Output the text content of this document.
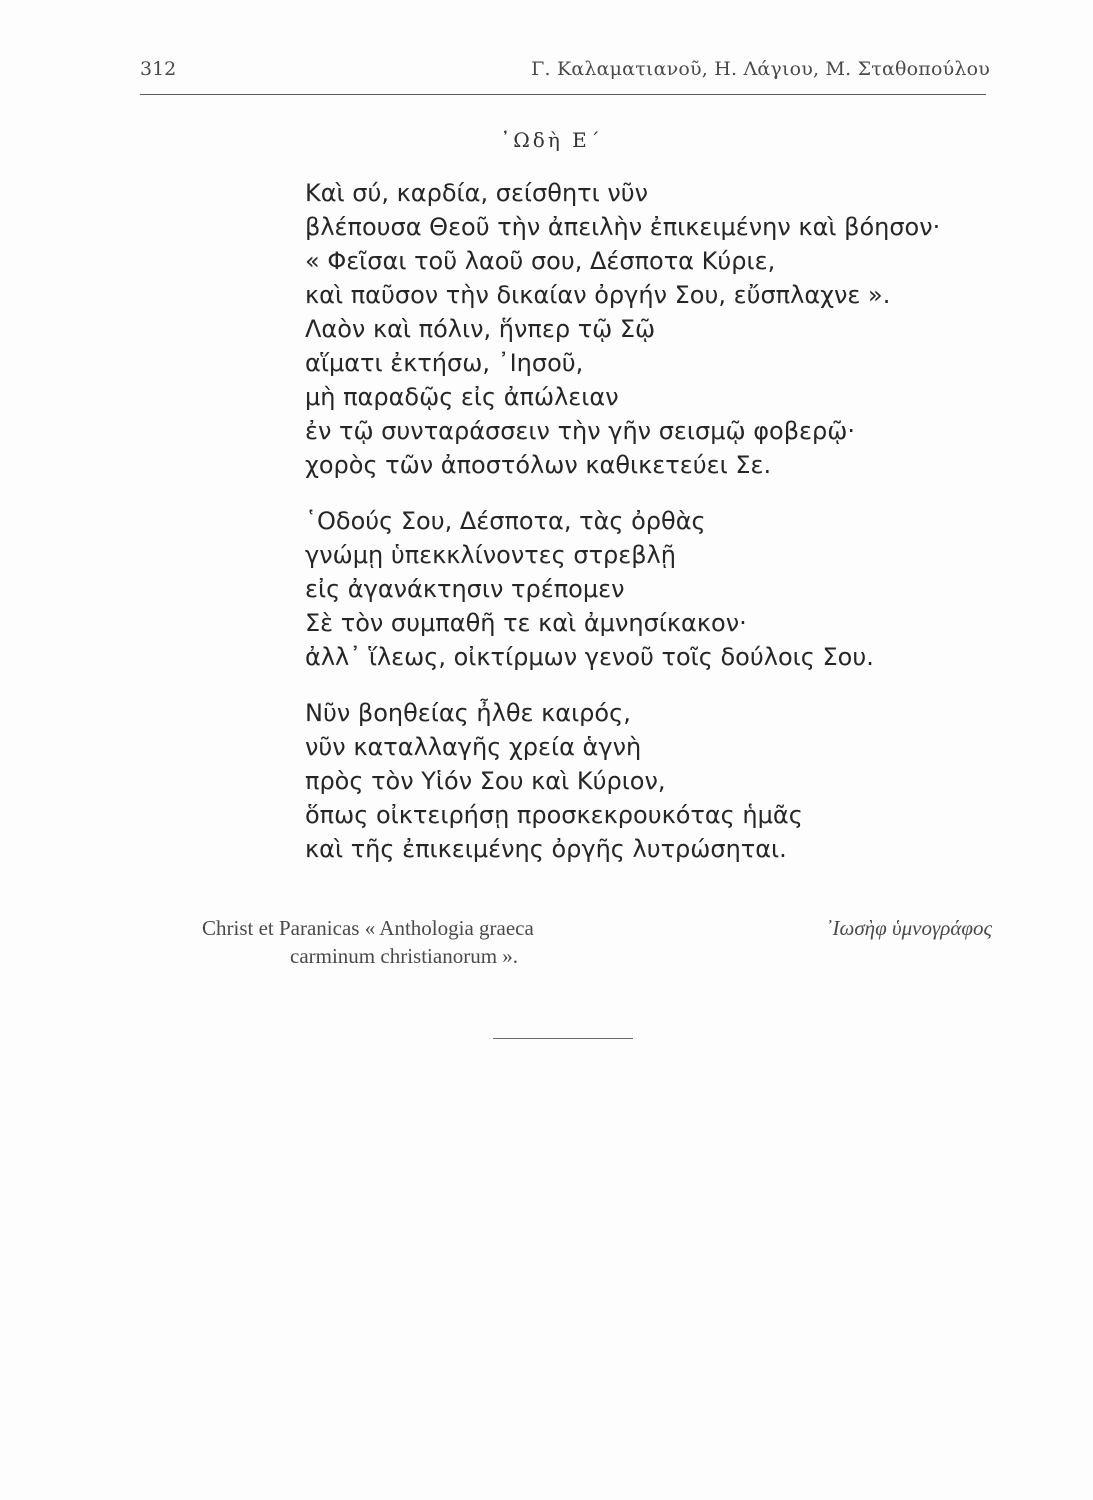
312	Γ. Καλαματιανοῦ, Η. Λάγιου, Μ. Σταθοπούλου
᾿Ωδὴ Ε΄
Καὶ σύ, καρδία, σείσθητι νῦν
βλέπουσα Θεοῦ τὴν ἀπειλὴν ἐπικειμένην καὶ βόησον·
« Φεῖσαι τοῦ λαοῦ σου, Δέσποτα Κύριε,
καὶ παῦσον τὴν δικαίαν ὀργήν Σου, εὔσπλαχνε ».
Λαὸν καὶ πόλιν, ἥνπερ τῷ Σῷ
αἵματι ἐκτήσω, ᾿Ιησοῦ,
μὴ παραδῷς εἰς ἀπώλειαν
ἐν τῷ συνταράσσειν τὴν γῆν σεισμῷ φοβερῷ·
χορὸς τῶν ἀποστόλων καθικετεύει Σε.
῾Οδούς Σου, Δέσποτα, τὰς ὀρθὰς
γνώμῃ ὑπεκκλίνοντες στρεβλῇ
εἰς ἀγανάκτησιν τρέπομεν
Σὲ τὸν συμπαθῆ τε καὶ ἀμνησίκακον·
ἀλλ᾿ ἵλεως, οἰκτίρμων γενοῦ τοῖς δούλοις Σου.
Νῦν βοηθείας ἦλθε καιρός,
νῦν καταλλαγῆς χρεία ἁγνὴ
πρὸς τὸν Υἱόν Σου καὶ Κύριον,
ὅπως οἰκτειρήσῃ προσκεκρουκότας ἡμᾶς
καὶ τῆς ἐπικειμένης ὀργῆς λυτρώσηται.
Christ et Paranicas « Anthologia graeca
carminum christianorum ».
᾿Ιωσὴφ ὑμνογράφος
